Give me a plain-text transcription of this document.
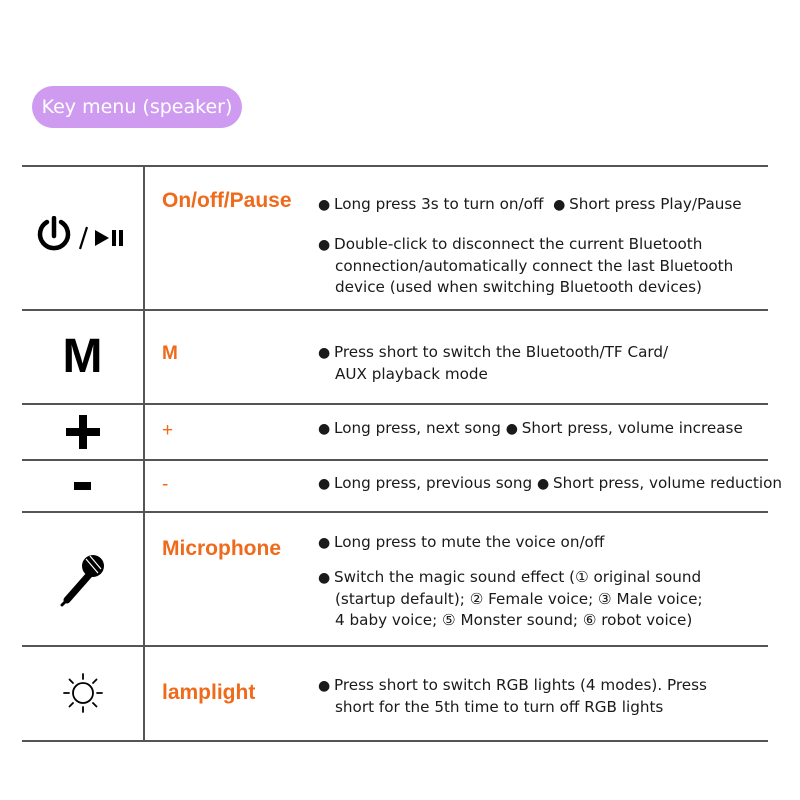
Key menu (speaker)
On/off/Pause ● Long press 3s to turn on/off ● Short press Play/Pause
● Double-click to disconnect the current Bluetooth
connection/automatically connect the last Bluetooth
device (used when switching Bluetooth devices)
M	M	● Press short to switch the Bluetooth/TF Card/
AUX playback mode
+	● Long press, next song ● Short press, volume increase
-	● Long press, previous song ● Short press, volume reduction
Microphone	● Long press to mute the voice on/off
● Switch the magic sound effect (① original sound
(startup default); ② Female voice; ③ Male voice;
4 baby voice; ⑤ Monster sound; ⑥ robot voice)
lamplight	● Press short to switch RGB lights (4 modes). Press
short for the 5th time to turn off RGB lights
